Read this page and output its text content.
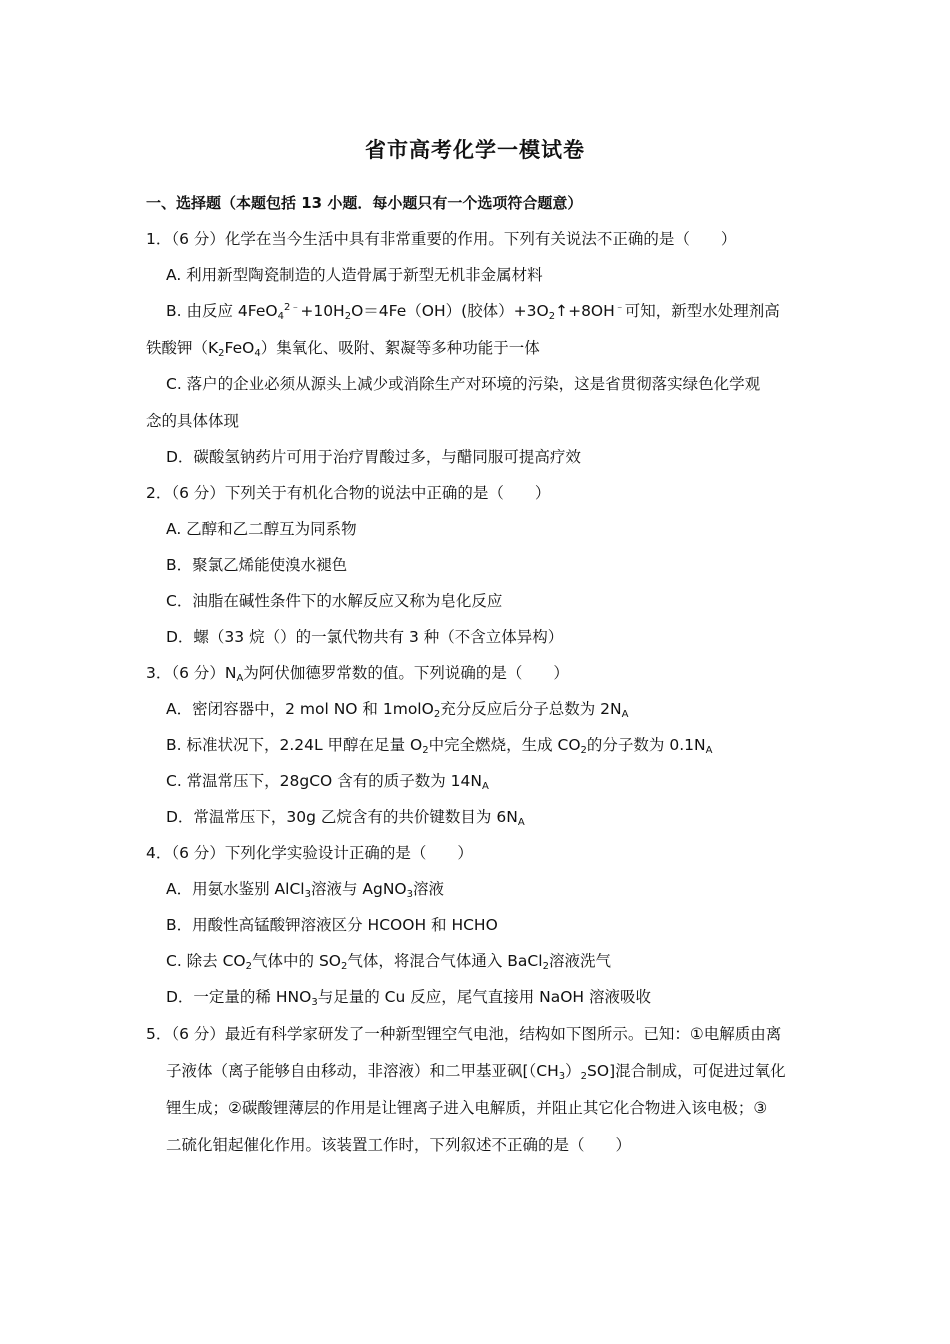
省市高考化学一模试卷
一、选择题（本题包括 13 小题．每小题只有一个选项符合题意）
1．（6 分）化学在当今生活中具有非常重要的作用。下列有关说法不正确的是（　　）
A. 利用新型陶瓷制造的人造骨属于新型无机非金属材料
B. 由反应 $4FeO_4^{2﹣}+10H_2O=4Fe(OH)$(胶体）$+3O_2↑+8OH^﹣$可知，新型水处理剂高
铁酸钾$(K_2FeO_4)$集氧化、吸附、絮凝等多种功能于一体
C. 落户的企业必须从源头上减少或消除生产对环境的污染，这是省贯彻落实绿色化学观
念的具体体现
D．碳酸氢钠药片可用于治疗胃酸过多，与醋同服可提高疗效
2．（6 分）下列关于有机化合物的说法中正确的是（　　）
A. 乙醇和乙二醇互为同系物
B．聚氯乙烯能使溴水褪色
C．油脂在碱性条件下的水解反应又称为皂化反应
D．螺（33 烷（）的一氯代物共有 3 种（不含立体异构）
3．（6 分）$N_A$为阿伏伽德罗常数的值。下列说确的是（　　）
A．密闭容器中，2 mol NO 和 1molO$_2$充分反应后分子总数为 $2N_A$
B. 标准状况下，2.24L 甲醇在足量 $O_2$中完全燃烧，生成 $CO_2$的分子数为 $0.1N_A$
C. 常温常压下，28gCO 含有的质子数为 $14N_A$
D．常温常压下，30g 乙烷含有的共价键数目为 $6N_A$
4．（6 分）下列化学实验设计正确的是（　　）
A．用氨水鉴别 AlCl$_3$溶液与 AgNO$_3$溶液
B．用酸性高锰酸钾溶液区分 HCOOH 和 HCHO
C. 除去 $CO_2$气体中的 $SO_2$气体，将混合气体通入 BaCl$_2$溶液洗气
D．一定量的稀 $HNO_3$与足量的 Cu 反应，尾气直接用 NaOH 溶液吸收
5．（6 分）最近有科学家研发了一种新型锂空气电池，结构如下图所示。已知：①电解质由离
子液体（离子能够自由移动，非溶液）和二甲基亚砜$[(CH_3)_2SO]$混合制成，可促进过氧化
锂生成；②碳酸锂薄层的作用是让锂离子进入电解质，并阻止其它化合物进入该电极；③
二硫化钼起催化作用。该装置工作时，下列叙述不正确的是（　　）
